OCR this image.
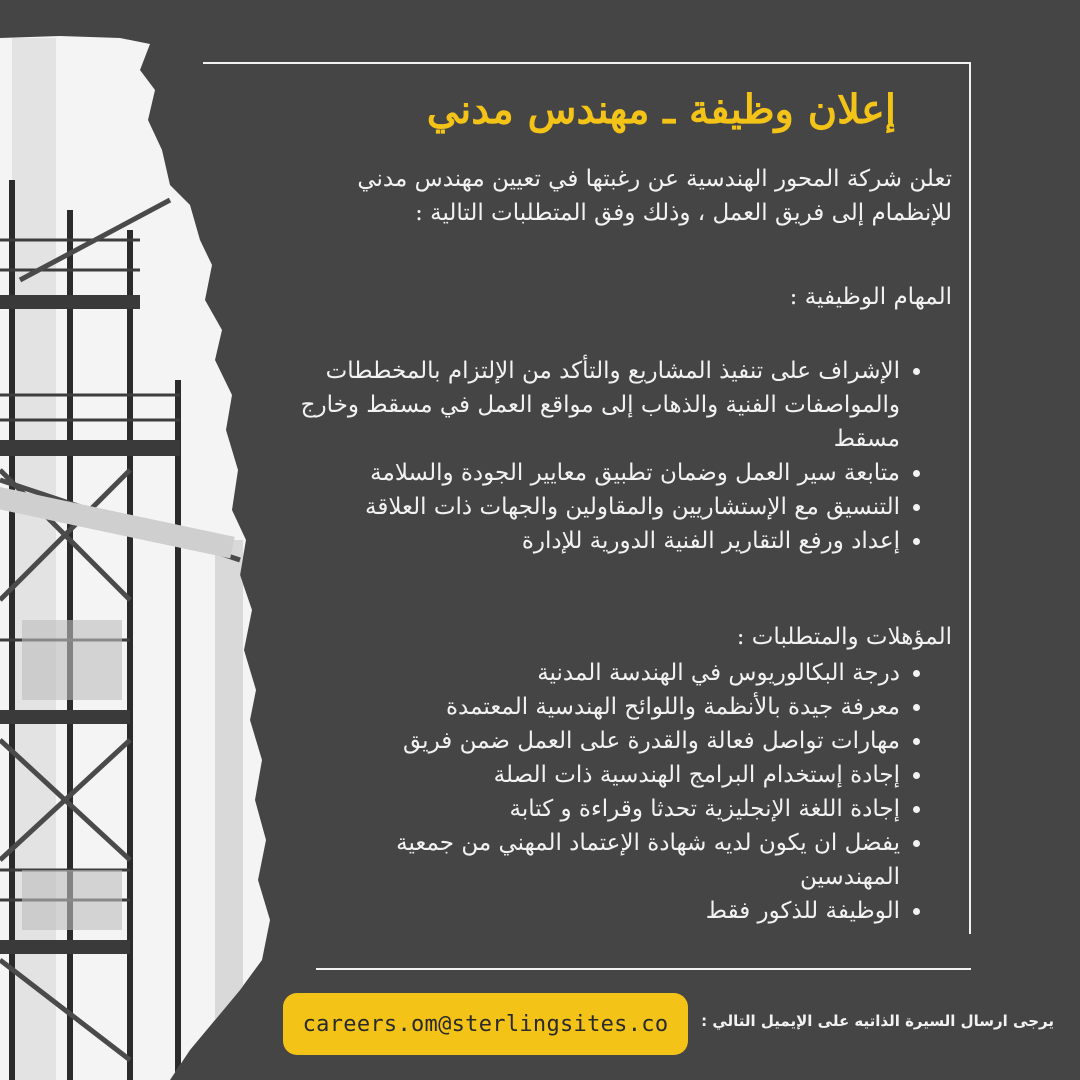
إعلان وظيفة ـ مهندس مدني
تعلن شركة المحور الهندسية عن رغبتها في تعيين مهندس مدني للإنظمام إلى فريق العمل ، وذلك وفق المتطلبات التالية :
المهام الوظيفية :
• الإشراف على تنفيذ المشاريع والتأكد من الإلتزام بالمخططات والمواصفات الفنية والذهاب إلى مواقع العمل في مسقط وخارج مسقط
• متابعة سير العمل وضمان تطبيق معايير الجودة والسلامة
• التنسيق مع الإستشاريين والمقاولين والجهات ذات العلاقة
• إعداد ورفع التقارير الفنية الدورية للإدارة
المؤهلات والمتطلبات :
• درجة البكالوريوس في الهندسة المدنية
• معرفة جيدة بالأنظمة واللوائح الهندسية المعتمدة
• مهارات تواصل فعالة والقدرة على العمل ضمن فريق
• إجادة إستخدام البرامج الهندسية ذات الصلة
• إجادة اللغة الإنجليزية تحدثا وقراءة و كتابة
• يفضل ان يكون لديه شهادة الإعتماد المهني من جمعية المهندسين
• الوظيفة للذكور فقط
careers.om@sterlingsites.co	يرجى ارسال السيرة الذاتيه على الإيميل التالي :
